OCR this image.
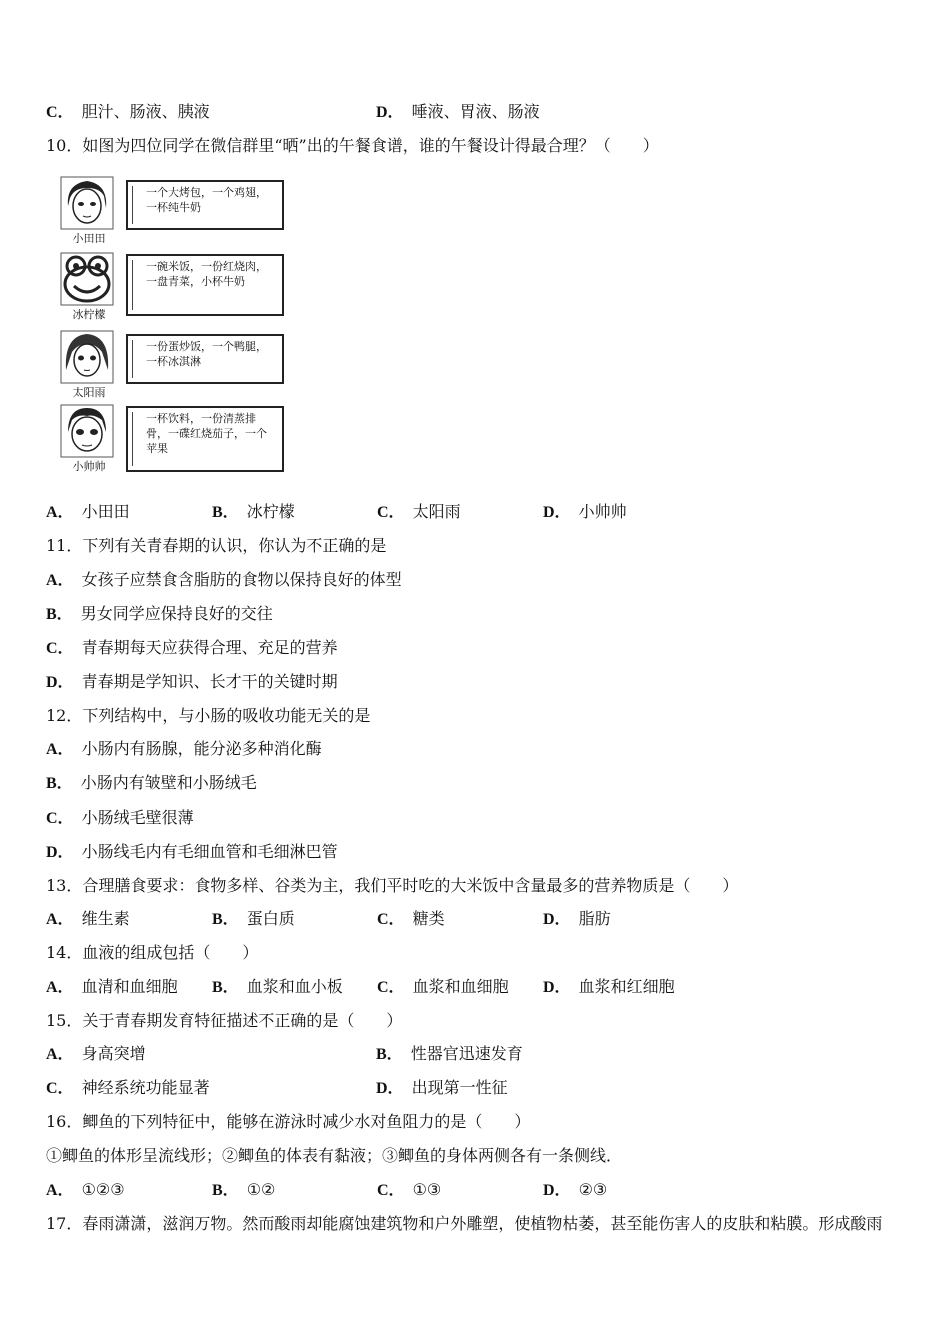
C． 胆汁、肠液、胰液	D． 唾液、胃液、肠液
10．如图为四位同学在微信群里“晒”出的午餐食谱，谁的午餐设计得最合理？（　　）
小田田
一个大烤包，一个鸡翅，一杯纯牛奶
冰柠檬
一碗米饭，一份红烧肉，一盘青菜，小杯牛奶
太阳雨
一份蛋炒饭，一个鸭腿，一杯冰淇淋
小帅帅
一杯饮料，一份清蒸排骨，一碟红烧茄子，一个苹果
A． 小田田	B． 冰柠檬	C． 太阳雨	D． 小帅帅
11．下列有关青春期的认识，你认为不正确的是
A． 女孩子应禁食含脂肪的食物以保持良好的体型
B． 男女同学应保持良好的交往
C． 青春期每天应获得合理、充足的营养
D． 青春期是学知识、长才干的关键时期
12．下列结构中，与小肠的吸收功能无关的是
A． 小肠内有肠腺，能分泌多种消化酶
B． 小肠内有皱壁和小肠绒毛
C． 小肠绒毛壁很薄
D． 小肠线毛内有毛细血管和毛细淋巴管
13．合理膳食要求：食物多样、谷类为主，我们平时吃的大米饭中含量最多的营养物质是（　　）
A． 维生素	B． 蛋白质	C． 糖类	D． 脂肪
14．血液的组成包括（　　）
A． 血清和血细胞 B． 血浆和血小板 C． 血浆和血细胞 D． 血浆和红细胞
15．关于青春期发育特征描述不正确的是（　　）
A． 身高突增	B． 性器官迅速发育
C． 神经系统功能显著	D． 出现第一性征
16．鲫鱼的下列特征中，能够在游泳时减少水对鱼阻力的是（　　）
①鲫鱼的体形呈流线形；②鲫鱼的体表有黏液；③鲫鱼的身体两侧各有一条侧线．
A． ①②③	B． ①②	C． ①③	D． ②③
17．春雨潇潇，滋润万物。然而酸雨却能腐蚀建筑物和户外雕塑，使植物枯萎，甚至能伤害人的皮肤和粘膜。形成酸雨
